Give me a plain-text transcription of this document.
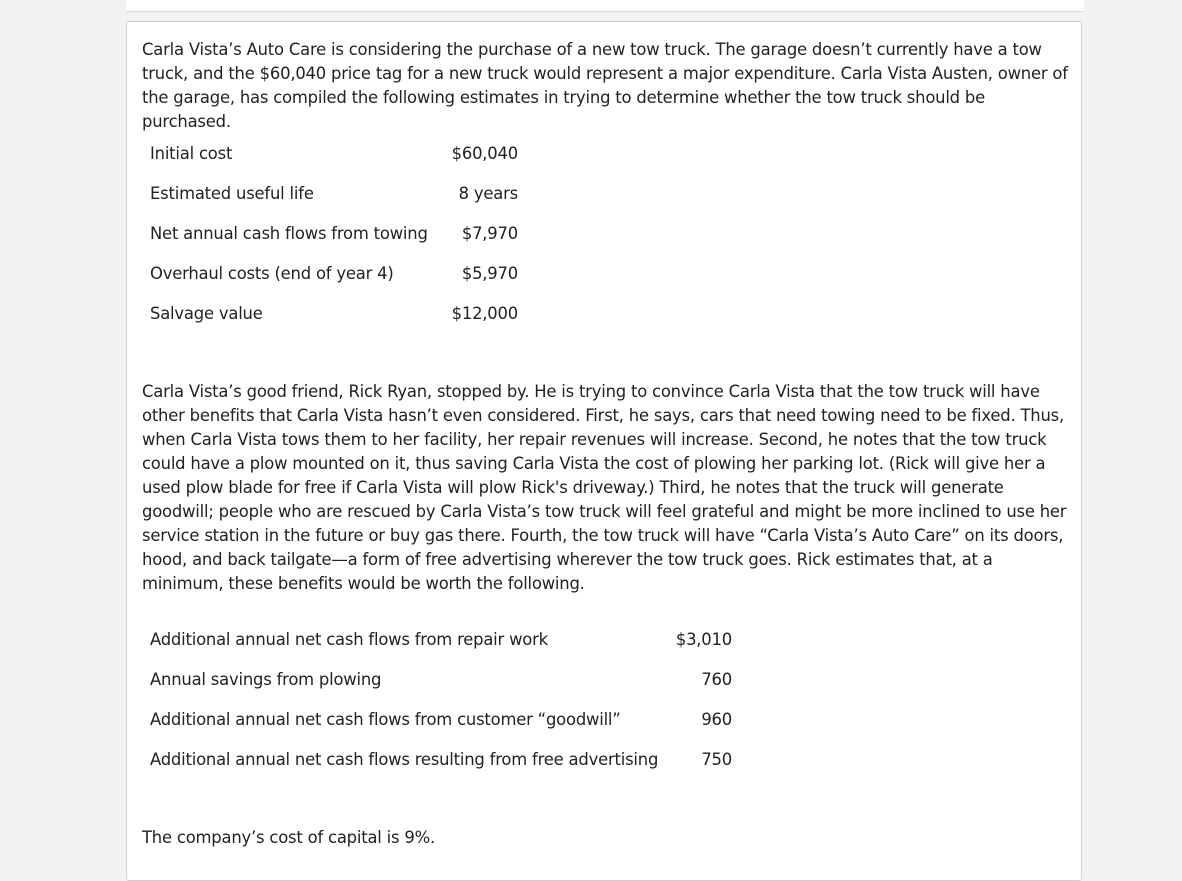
Carla Vista’s Auto Care is considering the purchase of a new tow truck. The garage doesn’t currently have a tow truck, and the $60,040 price tag for a new truck would represent a major expenditure. Carla Vista Austen, owner of the garage, has compiled the following estimates in trying to determine whether the tow truck should be purchased.

Initial cost	$60,040
Estimated useful life	8 years
Net annual cash flows from towing	$7,970
Overhaul costs (end of year 4)	$5,970
Salvage value	$12,000

Carla Vista’s good friend, Rick Ryan, stopped by. He is trying to convince Carla Vista that the tow truck will have other benefits that Carla Vista hasn’t even considered. First, he says, cars that need towing need to be fixed. Thus, when Carla Vista tows them to her facility, her repair revenues will increase. Second, he notes that the tow truck could have a plow mounted on it, thus saving Carla Vista the cost of plowing her parking lot. (Rick will give her a used plow blade for free if Carla Vista will plow Rick's driveway.) Third, he notes that the truck will generate goodwill; people who are rescued by Carla Vista’s tow truck will feel grateful and might be more inclined to use her service station in the future or buy gas there. Fourth, the tow truck will have “Carla Vista’s Auto Care” on its doors, hood, and back tailgate—a form of free advertising wherever the tow truck goes. Rick estimates that, at a minimum, these benefits would be worth the following.

Additional annual net cash flows from repair work	$3,010
Annual savings from plowing	760
Additional annual net cash flows from customer “goodwill”	960
Additional annual net cash flows resulting from free advertising	750

The company’s cost of capital is 9%.
